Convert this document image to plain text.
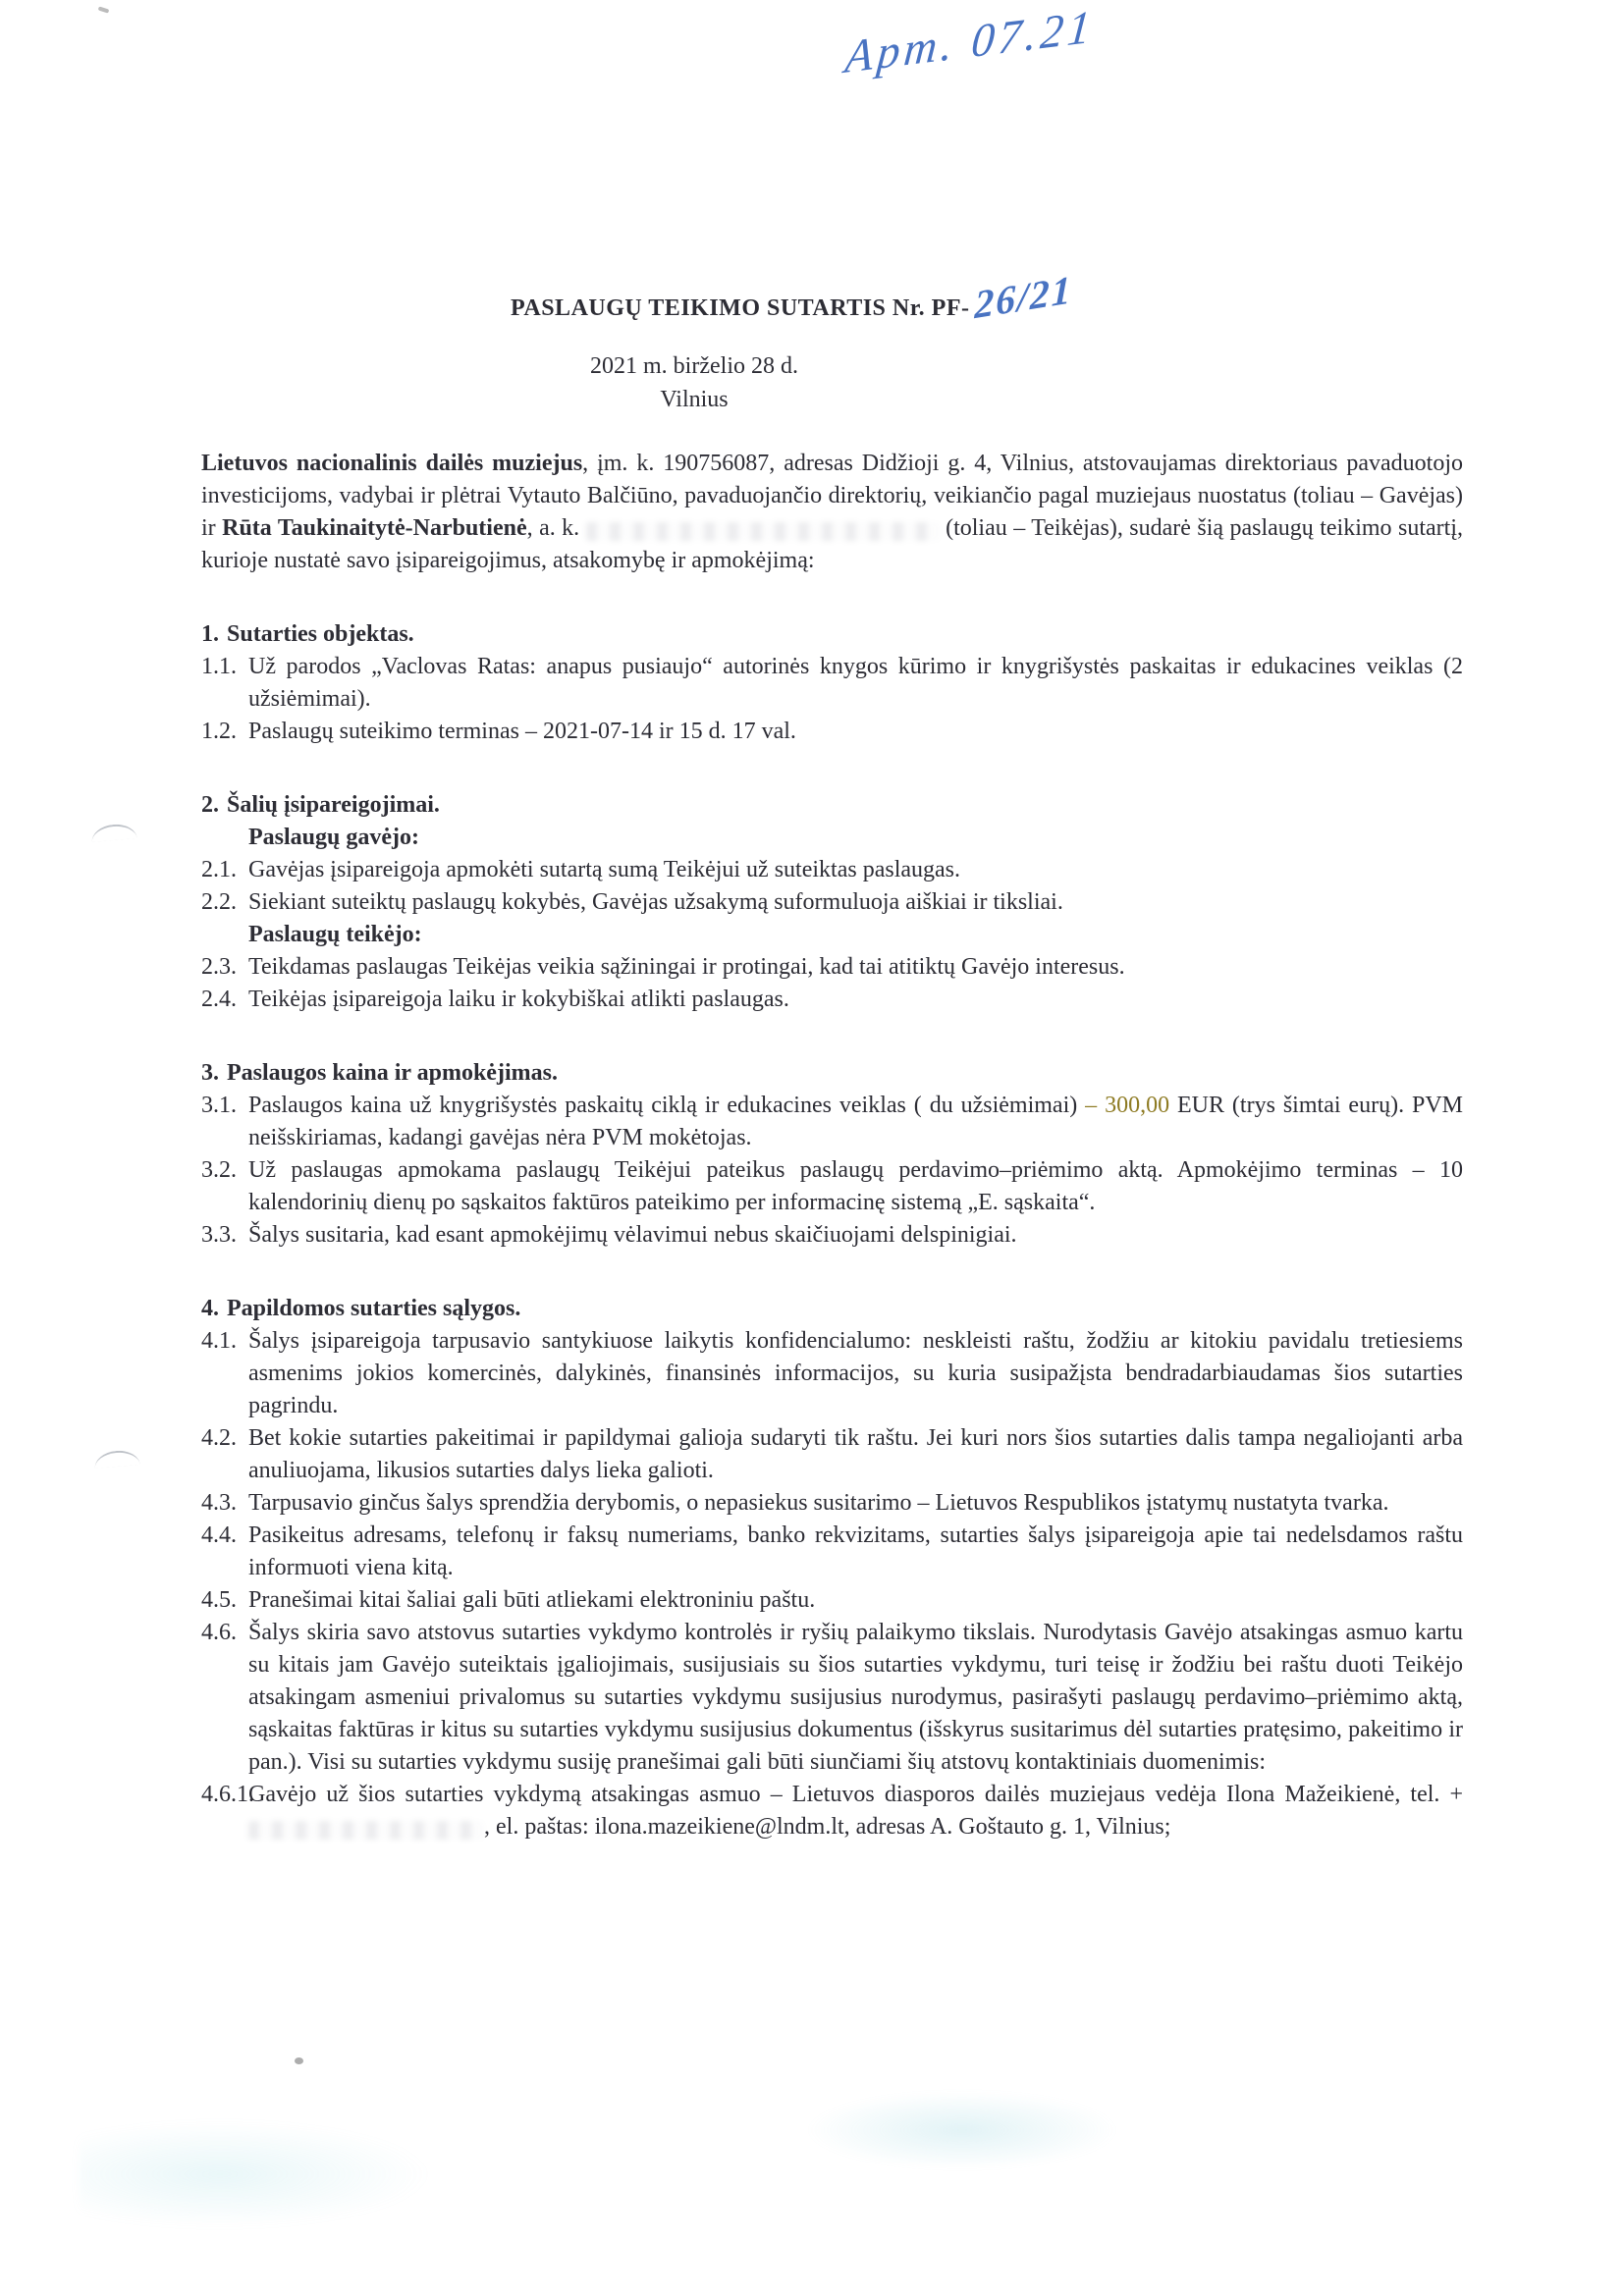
Apm. 07.21
PASLAUGŲ TEIKIMO SUTARTIS Nr. PF- 26/21
2021 m. birželio 28 d.
Vilnius

Lietuvos nacionalinis dailės muziejus, įm. k. 190756087, adresas Didžioji g. 4, Vilnius, atstovaujamas direktoriaus pavaduotojo investicijoms, vadybai ir plėtrai Vytauto Balčiūno, pavaduojančio direktorių, veikiančio pagal muziejaus nuostatus (toliau – Gavėjas) ir Rūta Taukinaitytė-Narbutienė, a. k.	(toliau – Teikėjas), sudarė šią paslaugų teikimo sutartį, kurioje nustatė savo įsipareigojimus, atsakomybę ir apmokėjimą:

1. Sutarties objektas.
1.1. Už parodos „Vaclovas Ratas: anapus pusiaujo“ autorinės knygos kūrimo ir knygrišystės paskaitas ir edukacines veiklas (2 užsiėmimai).
1.2. Paslaugų suteikimo terminas – 2021-07-14 ir 15 d. 17 val.
2. Šalių įsipareigojimai.
Paslaugų gavėjo:
2.1. Gavėjas įsipareigoja apmokėti sutartą sumą Teikėjui už suteiktas paslaugas.
2.2. Siekiant suteiktų paslaugų kokybės, Gavėjas užsakymą suformuluoja aiškiai ir tiksliai.
Paslaugų teikėjo:
2.3. Teikdamas paslaugas Teikėjas veikia sąžiningai ir protingai, kad tai atitiktų Gavėjo interesus.
2.4. Teikėjas įsipareigoja laiku ir kokybiškai atlikti paslaugas.
3. Paslaugos kaina ir apmokėjimas.
3.1. Paslaugos kaina už knygrišystės paskaitų ciklą ir edukacines veiklas ( du užsiėmimai) – 300,00 EUR (trys šimtai eurų). PVM neišskiriamas, kadangi gavėjas nėra PVM mokėtojas.
3.2. Už paslaugas apmokama paslaugų Teikėjui pateikus paslaugų perdavimo–priėmimo aktą. Apmokėjimo terminas – 10 kalendorinių dienų po sąskaitos faktūros pateikimo per informacinę sistemą „E. sąskaita“.
3.3. Šalys susitaria, kad esant apmokėjimų vėlavimui nebus skaičiuojami delspinigiai.
4. Papildomos sutarties sąlygos.
4.1. Šalys įsipareigoja tarpusavio santykiuose laikytis konfidencialumo: neskleisti raštu, žodžiu ar kitokiu pavidalu tretiesiems asmenims jokios komercinės, dalykinės, finansinės informacijos, su kuria susipažįsta bendradarbiaudamas šios sutarties pagrindu.
4.2. Bet kokie sutarties pakeitimai ir papildymai galioja sudaryti tik raštu. Jei kuri nors šios sutarties dalis tampa negaliojanti arba anuliuojama, likusios sutarties dalys lieka galioti.
4.3. Tarpusavio ginčus šalys sprendžia derybomis, o nepasiekus susitarimo – Lietuvos Respublikos įstatymų nustatyta tvarka.
4.4. Pasikeitus adresams, telefonų ir faksų numeriams, banko rekvizitams, sutarties šalys įsipareigoja apie tai nedelsdamos raštu informuoti viena kitą.
4.5. Pranešimai kitai šaliai gali būti atliekami elektroniniu paštu.
4.6. Šalys skiria savo atstovus sutarties vykdymo kontrolės ir ryšių palaikymo tikslais. Nurodytasis Gavėjo atsakingas asmuo kartu su kitais jam Gavėjo suteiktais įgaliojimais, susijusiais su šios sutarties vykdymu, turi teisę ir žodžiu bei raštu duoti Teikėjo atsakingam asmeniui privalomus su sutarties vykdymu susijusius nurodymus, pasirašyti paslaugų perdavimo–priėmimo aktą, sąskaitas faktūras ir kitus su sutarties vykdymu susijusius dokumentus (išskyrus susitarimus dėl sutarties pratęsimo, pakeitimo ir pan.). Visi su sutarties vykdymu susiję pranešimai gali būti siunčiami šių atstovų kontaktiniais duomenimis:
4.6.1.
Gavėjo už šios sutarties vykdymą atsakingas asmuo – Lietuvos diasporos dailės muziejaus vedėja Ilona Mažeikienė, tel. +, el. paštas: ilona.mazeikiene@lndm.lt, adresas A. Goštauto g. 1, Vilnius;
